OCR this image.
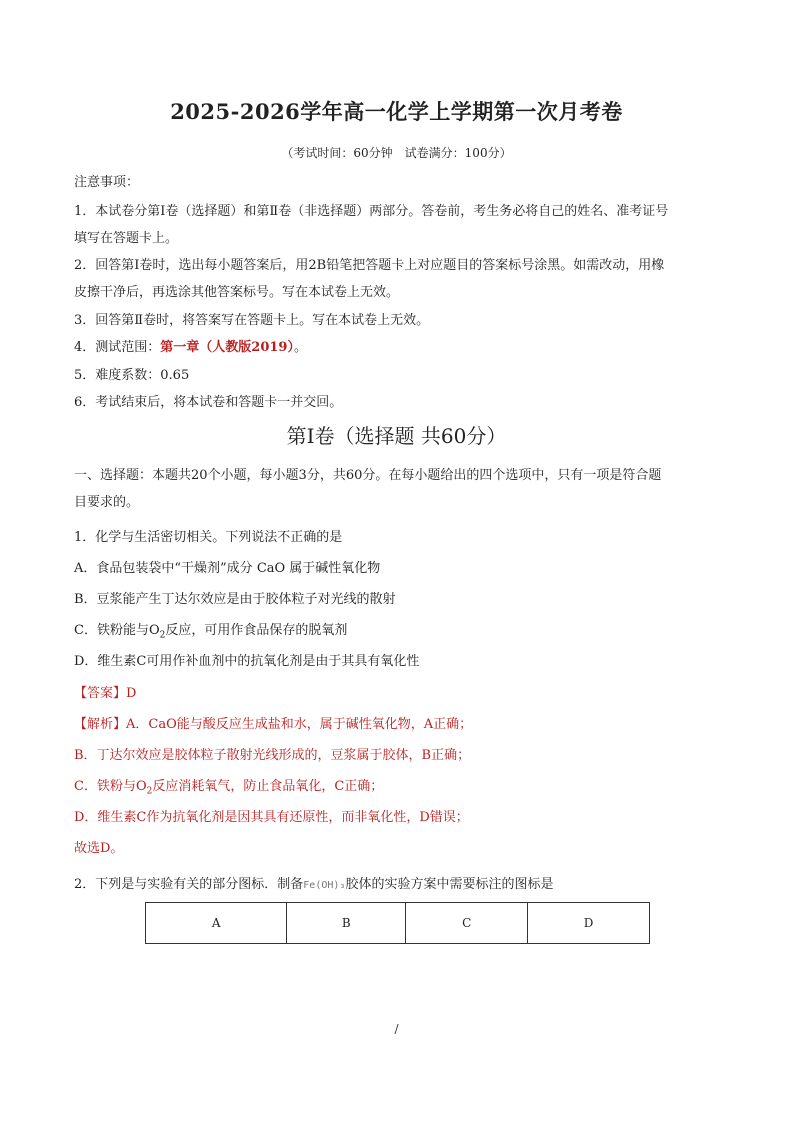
2025-2026学年高一化学上学期第一次月考卷
（考试时间：60分钟　试卷满分：100分）
注意事项：
1．本试卷分第Ⅰ卷（选择题）和第Ⅱ卷（非选择题）两部分。答卷前，考生务必将自己的姓名、准考证号
填写在答题卡上。
2．回答第Ⅰ卷时，选出每小题答案后，用2B铅笔把答题卡上对应题目的答案标号涂黑。如需改动，用橡
皮擦干净后，再选涂其他答案标号。写在本试卷上无效。
3．回答第Ⅱ卷时，将答案写在答题卡上。写在本试卷上无效。
4．测试范围：第一章（人教版2019）。
5．难度系数：0.65
6．考试结束后，将本试卷和答题卡一并交回。
第Ⅰ卷（选择题 共60分）
一、选择题：本题共20个小题，每小题3分，共60分。在每小题给出的四个选项中，只有一项是符合题
目要求的。
1．化学与生活密切相关。下列说法不正确的是
A．食品包装袋中“干燥剂”成分 CaO 属于碱性氧化物
B．豆浆能产生丁达尔效应是由于胶体粒子对光线的散射
C．铁粉能与$O_2$反应，可用作食品保存的脱氧剂
D．维生素C可用作补血剂中的抗氧化剂是由于其具有氧化性
【答案】D
【解析】A．CaO能与酸反应生成盐和水，属于碱性氧化物，A正确；
B．丁达尔效应是胶体粒子散射光线形成的，豆浆属于胶体，B正确；
C．铁粉与$O_2$反应消耗氧气，防止食品氧化，C正确；
D．维生素C作为抗氧化剂是因其具有还原性，而非氧化性，D错误；
故选D。
2．下列是与实验有关的部分图标．制备Fe(OH)₃胶体的实验方案中需要标注的图标是
A	B	C	D
/
